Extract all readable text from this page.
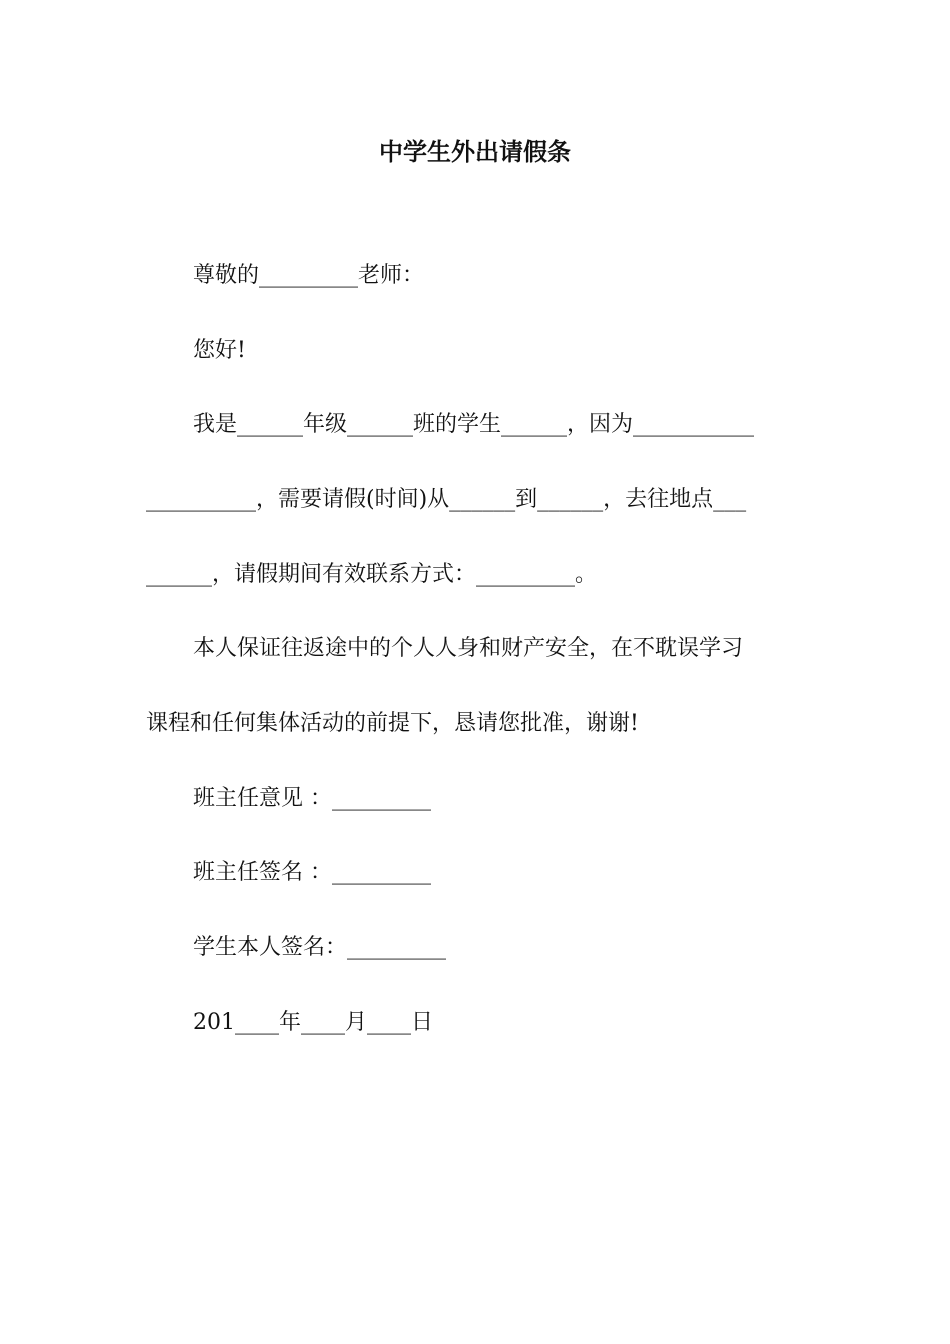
中学生外出请假条
尊敬的_________老师：
您好!
我是______年级______班的学生______，因为___________
__________，需要请假(时间)从______到______，去往地点___
______，请假期间有效联系方式：_________。
本人保证往返途中的个人人身和财产安全，在不耽误学习
课程和任何集体活动的前提下，恳请您批准，谢谢!
班主任意见 ：_________
班主任签名 ：_________
学生本人签名：_________
201____年____月____日
